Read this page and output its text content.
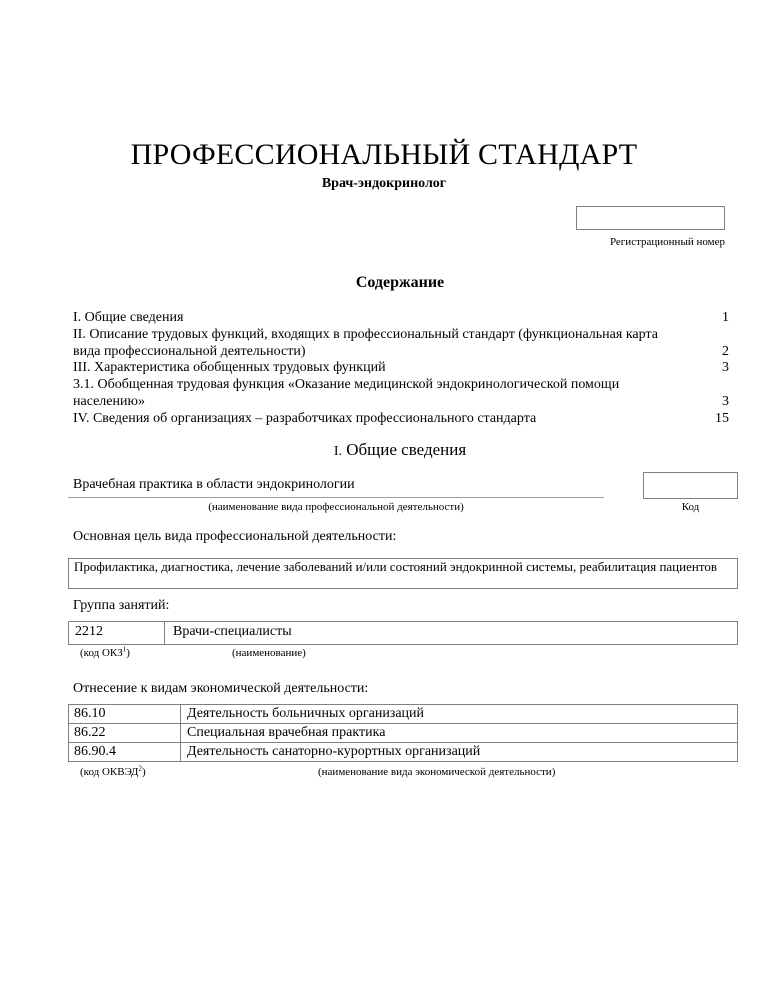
ПРОФЕССИОНАЛЬНЫЙ СТАНДАРТ
Врач-эндокринолог
Регистрационный номер
Содержание
I. Общие сведения	1
II. Описание трудовых функций, входящих в профессиональный стандарт (функциональная карта
вида профессиональной деятельности)	2
III. Характеристика обобщенных трудовых функций	3
3.1. Обобщенная трудовая функция «Оказание медицинской эндокринологической помощи
населению»	3
IV. Сведения об организациях – разработчиках профессионального стандарта	15
I. Общие сведения
Врачебная практика в области эндокринологии
(наименование вида профессиональной деятельности)	Код
Основная цель вида профессиональной деятельности:
Профилактика, диагностика, лечение заболеваний и/или состояний эндокринной системы, реабилитация пациентов
Группа занятий:
2212	Врачи-специалисты
(код ОКЗ$^1$)	(наименование)
Отнесение к видам экономической деятельности:
86.10	Деятельность больничных организаций
86.22	Специальная врачебная практика
86.90.4	Деятельность санаторно-курортных организаций
(код ОКВЭД$^2$)	(наименование вида экономической деятельности)
